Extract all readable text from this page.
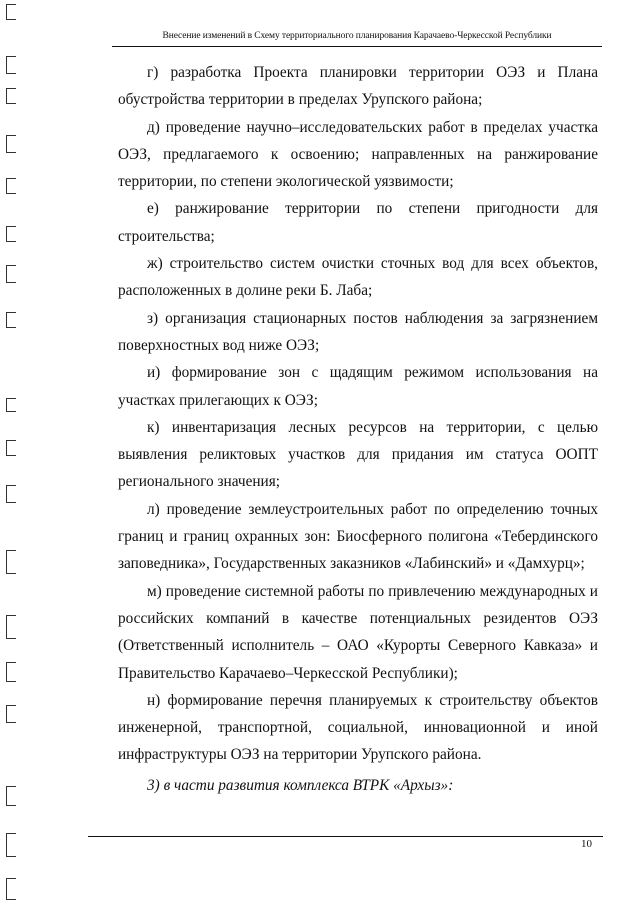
Внесение изменений в Схему территориального планирования Карачаево-Черкесской Республики

г) разработка Проекта планировки территории ОЭЗ и Плана обустройства территории в пределах Урупского района;

д) проведение научно–исследовательских работ в пределах участка ОЭЗ, предлагаемого к освоению; направленных на ранжирование территории, по степени экологической уязвимости;

е) ранжирование территории по степени пригодности для строительства;

ж) строительство систем очистки сточных вод для всех объектов, расположенных в долине реки Б. Лаба;

з) организация стационарных постов наблюдения за загрязнением поверхностных вод ниже ОЭЗ;

и) формирование зон с щадящим режимом использования на участках прилегающих к ОЭЗ;

к) инвентаризация лесных ресурсов на территории, с целью выявления реликтовых участков для придания им статуса ООПТ регионального значения;

л) проведение землеустроительных работ по определению точных границ и границ охранных зон: Биосферного полигона «Тебердинского заповедника», Государственных заказников «Лабинский» и «Дамхурц»;

м) проведение системной работы по привлечению международных и российских компаний в качестве потенциальных резидентов ОЭЗ (Ответственный исполнитель – ОАО «Курорты Северного Кавказа» и Правительство Карачаево–Черкесской Республики);

н) формирование перечня планируемых к строительству объектов инженерной, транспортной, социальной, инновационной и иной инфраструктуры ОЭЗ на территории Урупского района.

3) в части развития комплекса ВТРК «Архыз»:

10
